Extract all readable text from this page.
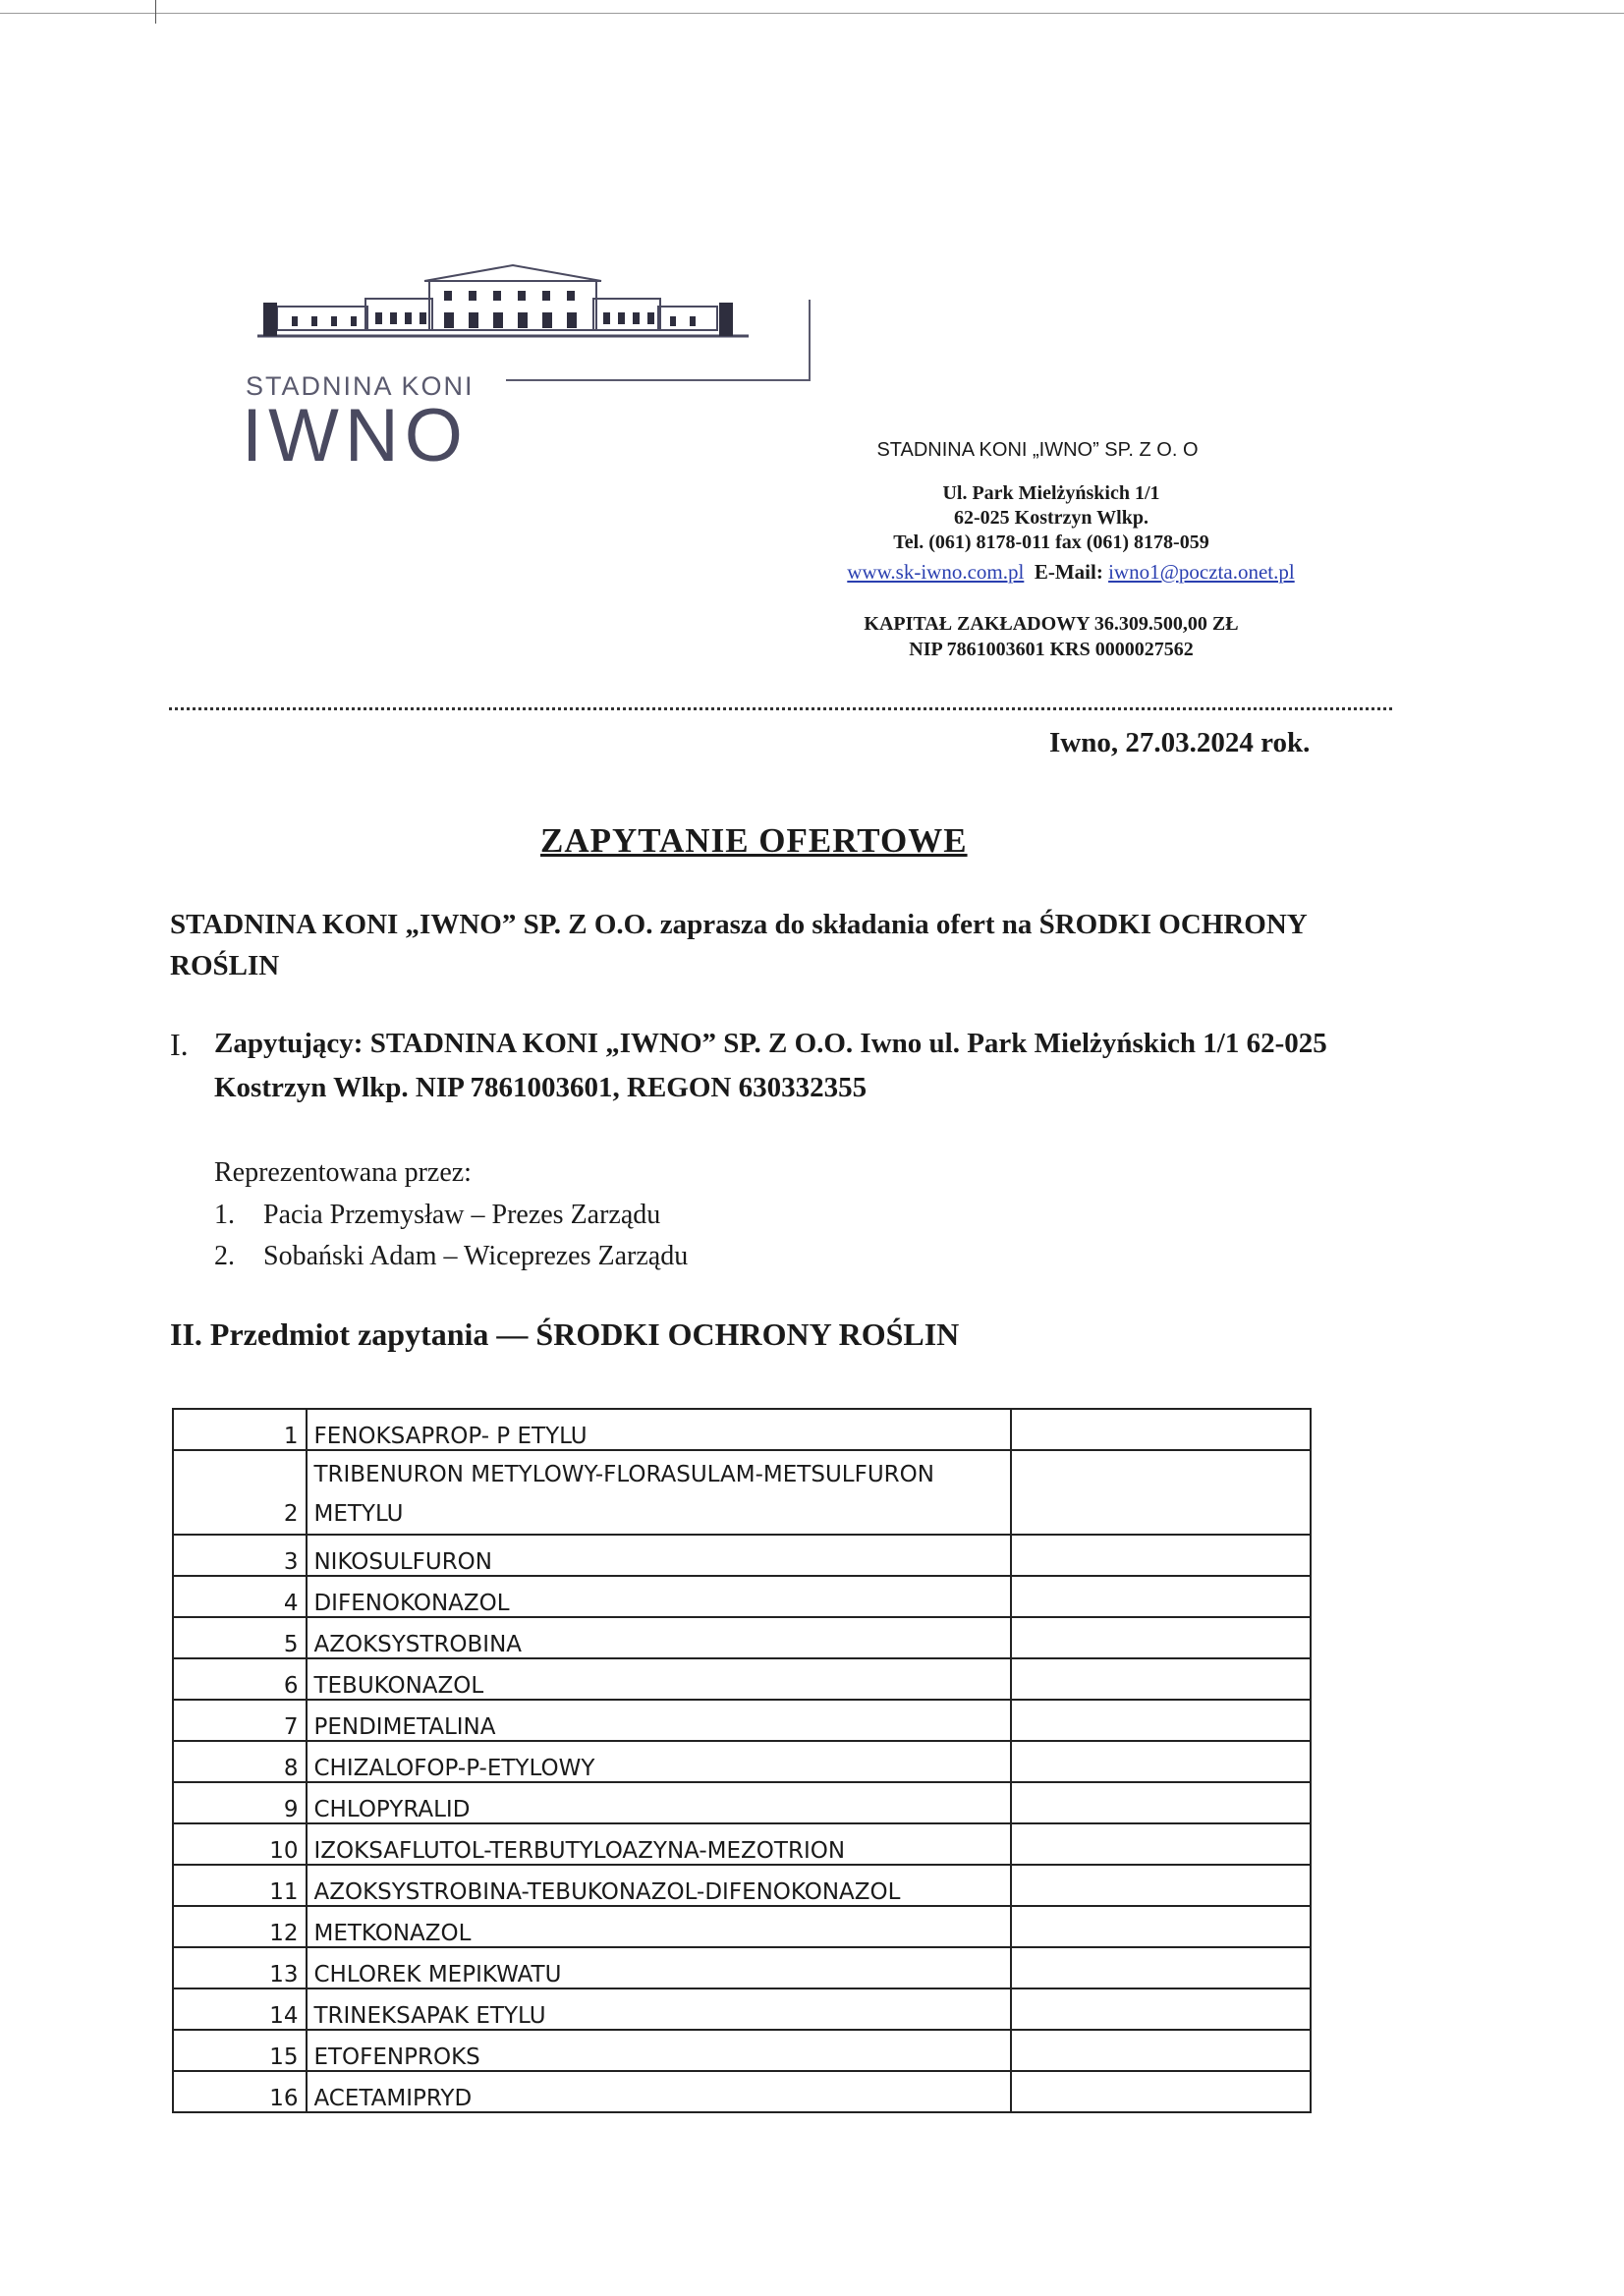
STADNINA KONI
IWNO	STADNINA KONI „IWNO” SP. Z O. O
Ul. Park Mielżyńskich 1/1
62-025 Kostrzyn Wlkp.
Tel. (061) 8178-011 fax (061) 8178-059
www.sk-iwno.com.pl E-Mail: iwno1@poczta.onet.pl
KAPITAŁ ZAKŁADOWY 36.309.500,00 ZŁ
NIP 7861003601 KRS 0000027562
Iwno, 27.03.2024 rok.
ZAPYTANIE OFERTOWE
STADNINA KONI „IWNO” SP. Z O.O. zaprasza do składania ofert na ŚRODKI OCHRONY ROŚLIN
I. Zapytujący: STADNINA KONI „IWNO” SP. Z O.O. Iwno ul. Park Mielżyńskich 1/1 62-025 Kostrzyn Wlkp. NIP 7861003601, REGON 630332355
Reprezentowana przez:
1. Pacia Przemysław – Prezes Zarządu
2. Sobański Adam – Wiceprezes Zarządu
II. Przedmiot zapytania — ŚRODKI OCHRONY ROŚLIN
1	FENOKSAPROP- P ETYLU	
2	TRIBENURON METYLOWY-FLORASULAM-METSULFURON METYLU	
3	NIKOSULFURON	
4	DIFENOKONAZOL	
5	AZOKSYSTROBINA	
6	TEBUKONAZOL	
7	PENDIMETALINA	
8	CHIZALOFOP-P-ETYLOWY	
9	CHLOPYRALID	
10	IZOKSAFLUTOL-TERBUTYLOAZYNA-MEZOTRION	
11	AZOKSYSTROBINA-TEBUKONAZOL-DIFENOKONAZOL	
12	METKONAZOL	
13	CHLOREK MEPIKWATU	
14	TRINEKSAPAK ETYLU	
15	ETOFENPROKS	
16	ACETAMIPRYD	
